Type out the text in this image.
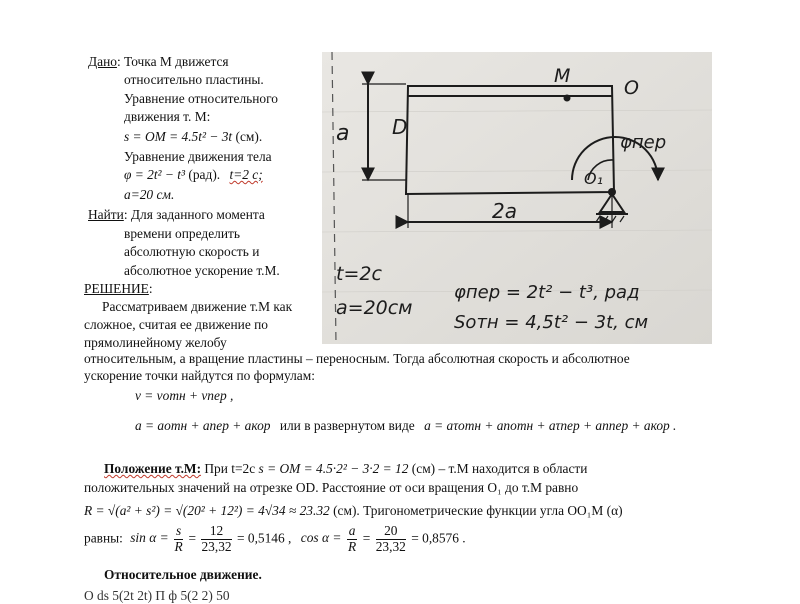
Дано: Точка М движется
относительно пластины.
Уравнение относительного
движения т. М:
s = OM = 4.5t² − 3t (см).
Уравнение движения тела
φ = 2t² − t³ (рад). t=2 с;
а=20 см.
Найти: Для заданного момента
времени определить
абсолютную скорость и
абсолютное ускорение т.М.
РЕШЕНИЕ:
Рассматриваем движение т.М как
сложное, считая ее движение по
прямолинейному желобу
относительным, а вращение пластины – переносным. Тогда абсолютная скорость и абсолютное
ускорение точки найдутся по формулам:
v = vотн + vпер ,
a = aотн + aпер + aкор или в развернутом виде a = aτотн + anотн + aτпер + anпер + aкор .
Положение т.М: При t=2с s = OM = 4.5·2² − 3·2 = 12 (см) – т.М находится в области
положительных значений на отрезке OD. Расстояние от оси вращения O₁ до т.М равно
R = √(a² + s²) = √(20² + 12²) = 4√34 ≈ 23.32 (см). Тригонометрические функции угла OO₁M (α)
равны: $\sin \alpha = \frac{s}{R} = \frac{12}{23,32} = 0,5146$ , $\cos \alpha = \frac{a}{R} = \frac{20}{23,32} = 0,8576$ .
Относительное движение.
О ds 5(2t 2t) П ф 5(2 2) 50
M
O
D
a
O₁
φпер
2a
t=2c
a=20см
φпер = 2t² − t³, рад
Sотн = 4,5t² − 3t, см
